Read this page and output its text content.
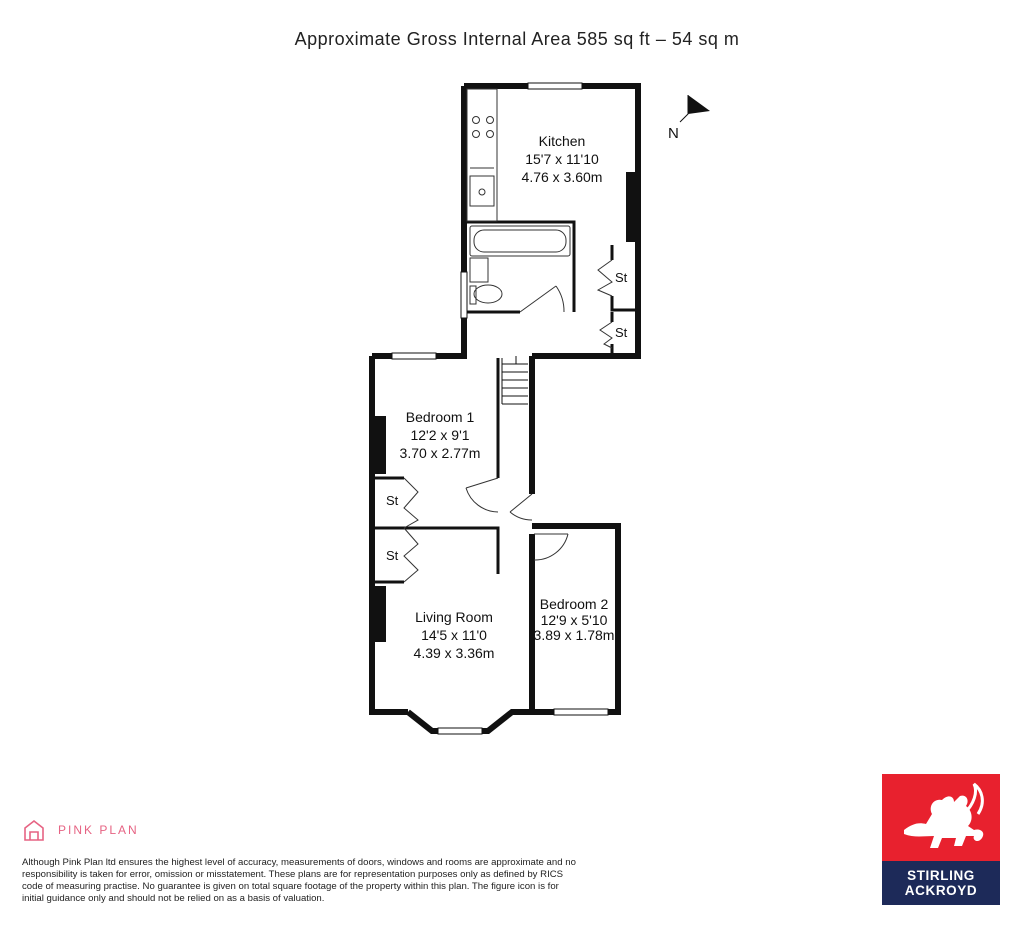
Approximate Gross Internal Area 585 sq ft – 54 sq m
N
Kitchen
15'7 x 11'10
4.76 x 3.60m
Bedroom 1
12'2 x 9'1
3.70 x 2.77m
Living Room
14'5 x 11'0
4.39 x 3.36m
Bedroom 2
12'9 x 5'10
3.89 x 1.78m
St
St
St
St
PINK PLAN
Although Pink Plan ltd ensures the highest level of accuracy, measurements of doors, windows and rooms are approximate and no responsibility is taken for error, omission or misstatement. These plans are for representation purposes only as defined by RICS code of measuring practise. No guarantee is given on total square footage of the property within this plan. The figure icon is for initial guidance only and should not be relied on as a basis of valuation.
STIRLING
ACKROYD
